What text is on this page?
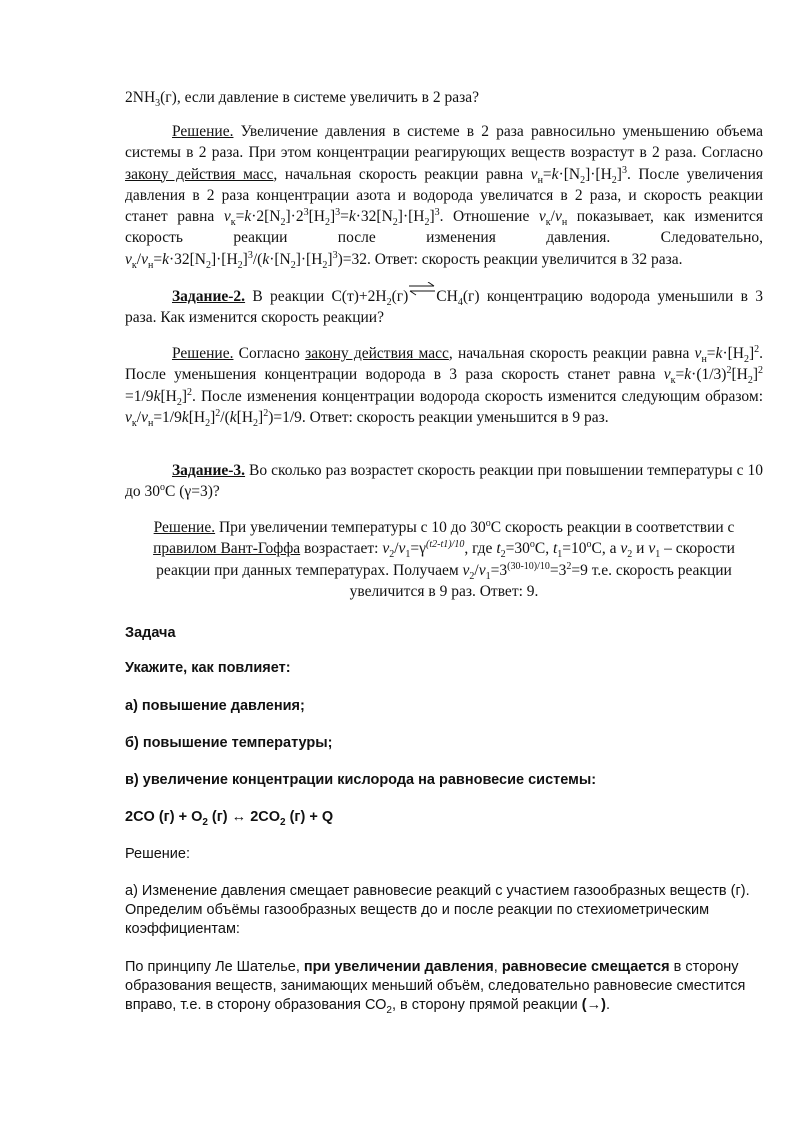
$2NH_3(г)$, если давление в системе увеличить в 2 раза?

Решение. Увеличение давления в системе в 2 раза равносильно уменьшению объема системы в 2 раза. При этом концентрации реагирующих веществ возрастут в 2 раза. Согласно закону действия масс, начальная скорость реакции равна $v_н=k\cdot[N_2]\cdot[H_2]^3$. После увеличения давления в 2 раза концентрации азота и водорода увеличатся в 2 раза, и скорость реакции станет равна $v_к=k\cdot 2[N_2]\cdot 2^3[H_2]^3=k\cdot 32[N_2]\cdot[H_2]^3$. Отношение $v_к/v_н$ показывает, как изменится скорость реакции после изменения давления. Следовательно, $v_к/v_н=k\cdot 32[N_2]\cdot[H_2]^3/(k\cdot[N_2]\cdot[H_2]^3)=32$. Ответ: скорость реакции увеличится в 32 раза.

Задание-2. В реакции $С(т)+2H_2(г)\rightleftharpoons CH_4(г)$ концентрацию водорода уменьшили в 3 раза. Как изменится скорость реакции?

Решение. Согласно закону действия масс, начальная скорость реакции равна $v_н=k\cdot[H_2]^2$. После уменьшения концентрации водорода в 3 раза скорость станет равна $v_к=k\cdot(1/3)^2[H_2]^2 =1/9k[H_2]^2$. После изменения концентрации водорода скорость изменится следующим образом: $v_к/v_н=1/9k[H_2]^2/(k[H_2]^2)=1/9$. Ответ: скорость реакции уменьшится в 9 раз.

Задание-3. Во сколько раз возрастет скорость реакции при повышении температуры с 10 до 30$^o$С (γ=3)?

Решение. При увеличении температуры с 10 до 30$^o$С скорость реакции в соответствии с правилом Вант-Гоффа возрастает: $v_2/v_1=\gamma^{(t2-t1)/10}$, где $t_2=30^oС$, $t_1=10^oС$, а $v_2$ и $v_1$ – скорости реакции при данных температурах. Получаем $v_2/v_1=3^{(30-10)/10}=3^2=9$ т.е. скорость реакции увеличится в 9 раз. Ответ: 9.

Задача

Укажите, как повлияет:

а) повышение давления;

б) повышение температуры;

в) увеличение концентрации кислорода на равновесие системы:

2CO $(г) + O_2$ (г) ↔ $2CO_2$ (г) + Q

Решение:

а) Изменение давления смещает равновесие реакций с участием газообразных веществ (г). Определим объёмы газообразных веществ до и после реакции по стехиометрическим коэффициентам:

По принципу Ле Шателье, при увеличении давления, равновесие смещается в сторону образования веществ, занимающих меньший объём, следовательно равновесие сместится вправо, т.е. в сторону образования $СО_2$, в сторону прямой реакции (→).
